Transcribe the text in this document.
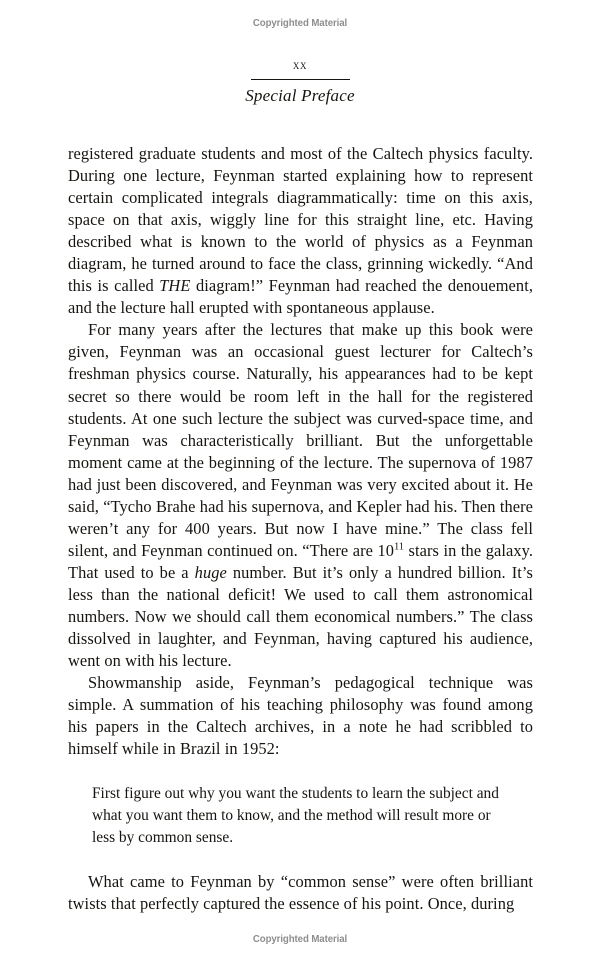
Copyrighted Material
xx
Special Preface

registered graduate students and most of the Caltech physics faculty. During one lecture, Feynman started explaining how to represent certain complicated integrals diagrammatically: time on this axis, space on that axis, wiggly line for this straight line, etc. Having described what is known to the world of physics as a Feynman diagram, he turned around to face the class, grinning wickedly. “And this is called THE diagram!” Feynman had reached the denouement, and the lecture hall erupted with spontaneous applause.

For many years after the lectures that make up this book were given, Feynman was an occasional guest lecturer for Caltech’s freshman physics course. Naturally, his appearances had to be kept secret so there would be room left in the hall for the registered students. At one such lecture the subject was curved-space time, and Feynman was characteristically brilliant. But the unforgettable moment came at the beginning of the lecture. The supernova of 1987 had just been discovered, and Feynman was very excited about it. He said, “Tycho Brahe had his supernova, and Kepler had his. Then there weren’t any for 400 years. But now I have mine.” The class fell silent, and Feynman continued on. “There are $10^{11}$ stars in the galaxy. That used to be a huge number. But it’s only a hundred billion. It’s less than the national deficit! We used to call them astronomical numbers. Now we should call them economical numbers.” The class dissolved in laughter, and Feynman, having captured his audience, went on with his lecture.

Showmanship aside, Feynman’s pedagogical technique was simple. A summation of his teaching philosophy was found among his papers in the Caltech archives, in a note he had scribbled to himself while in Brazil in 1952:

First figure out why you want the students to learn the subject and what you want them to know, and the method will result more or less by common sense.

What came to Feynman by “common sense” were often brilliant twists that perfectly captured the essence of his point. Once, during

Copyrighted Material
